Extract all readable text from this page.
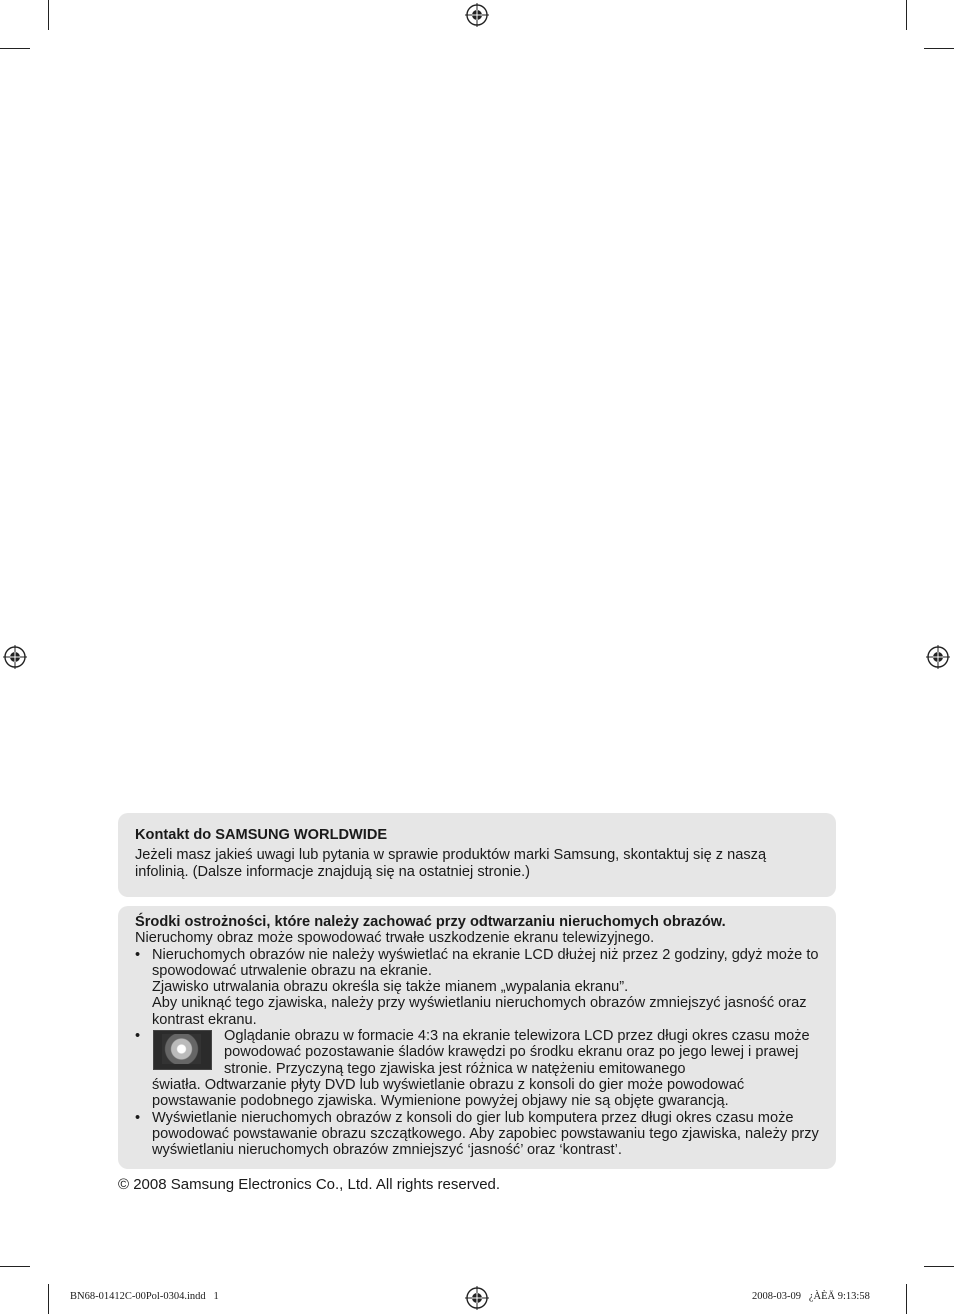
Kontakt do SAMSUNG WORLDWIDE

Jeżeli masz jakieś uwagi lub pytania w sprawie produktów marki Samsung, skontaktuj się z naszą infolinią. (Dalsze informacje znajdują się na ostatniej stronie.)

Środki ostrożności, które należy zachować przy odtwarzaniu nieruchomych obrazów.

Nieruchomy obraz może spowodować trwałe uszkodzenie ekranu telewizyjnego.

• Nieruchomych obrazów nie należy wyświetlać na ekranie LCD dłużej niż przez 2 godziny, gdyż może to spowodować utrwalenie obrazu na ekranie.
Zjawisko utrwalania obrazu określa się także mianem „wypalania ekranu”.
Aby uniknąć tego zjawiska, należy przy wyświetlaniu nieruchomych obrazów zmniejszyć jasność oraz kontrast ekranu.
•	Oglądanie obrazu w formacie 4:3 na ekranie telewizora LCD przez długi okres czasu może powodować pozostawanie śladów krawędzi po środku ekranu oraz po jego lewej i prawej stronie. Przyczyną tego zjawiska jest różnica w natężeniu emitowanego
światła. Odtwarzanie płyty DVD lub wyświetlanie obrazu z konsoli do gier może powodować powstawanie podobnego zjawiska. Wymienione powyżej objawy nie są objęte gwarancją.
• Wyświetlanie nieruchomych obrazów z konsoli do gier lub komputera przez długi okres czasu może powodować powstawanie obrazu szczątkowego. Aby zapobiec powstawaniu tego zjawiska, należy przy wyświetlaniu nieruchomych obrazów zmniejszyć ‘jasność’ oraz ‘kontrast’.
© 2008 Samsung Electronics Co., Ltd. All rights reserved.
BN68-01412C-00Pol-0304.indd   1	2008-03-09   ¿ÀÈÄ 9:13:58
